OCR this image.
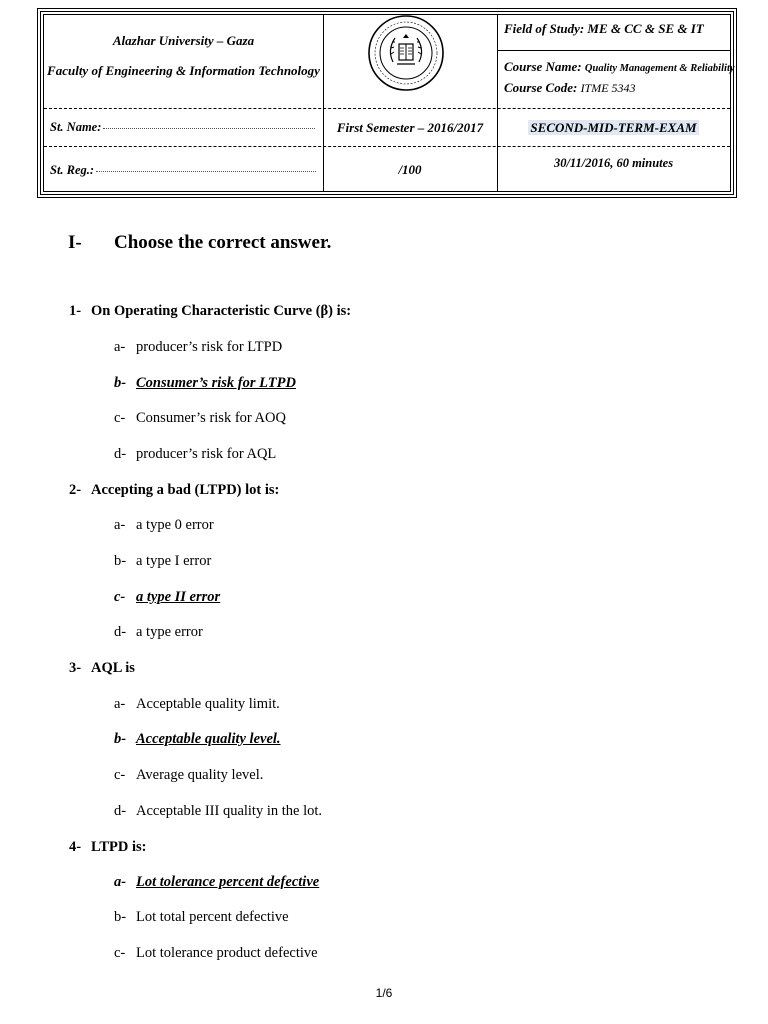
Alazhar University – Gaza
Faculty of Engineering & Information Technology
Field of Study: ME & CC & SE & IT
Course Name: Quality Management & Reliability
Course Code: ITME 5343
St. Name:
St. Reg.:
First Semester – 2016/2017
/100
SECOND-MID-TERM-EXAM
30/11/2016, 60 minutes
I- Choose the correct answer.
1- On Operating Characteristic Curve (β) is:
a- producer’s risk for LTPD
b- Consumer’s risk for LTPD
c- Consumer’s risk for AOQ
d- producer’s risk for AQL
2- Accepting a bad (LTPD) lot is:
a- a type 0 error
b- a type I error
c- a type II error
d- a type error
3- AQL is
a- Acceptable quality limit.
b- Acceptable quality level.
c- Average quality level.
d- Acceptable III quality in the lot.
4- LTPD is:
a- Lot tolerance percent defective
b- Lot total percent defective
c- Lot tolerance product defective
1/6
